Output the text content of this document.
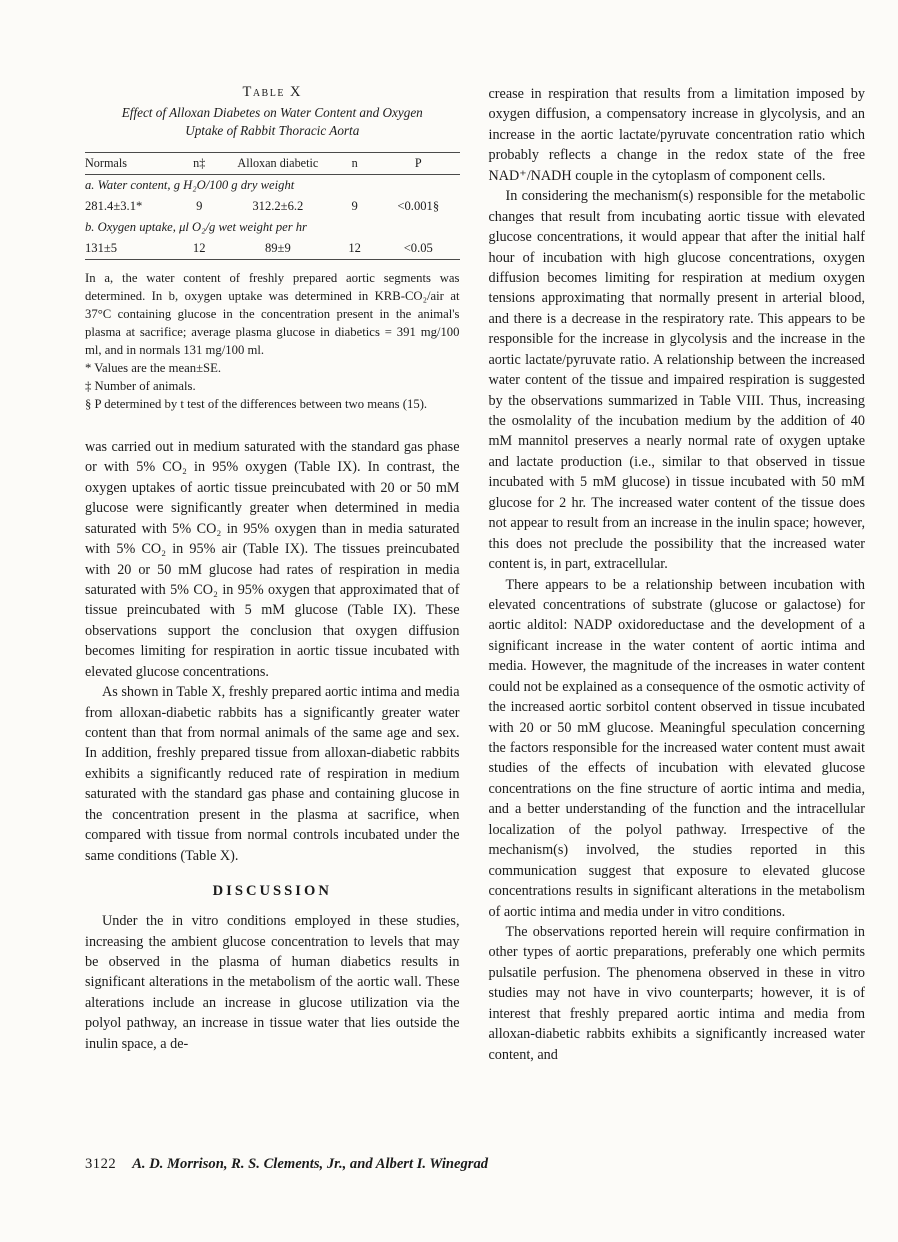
Table X
Effect of Alloxan Diabetes on Water Content and Oxygen Uptake of Rabbit Thoracic Aorta
Normals	n‡	Alloxan diabetic	n	P
a. Water content, g H₂O/100 g dry weight				
281.4±3.1*	9	312.2±6.2	9	<0.001§
b. Oxygen uptake, μl O₂/g wet weight per hr				
131±5	12	89±9	12	<0.05

In a, the water content of freshly prepared aortic segments was determined. In b, oxygen uptake was determined in KRB-CO₂/air at 37°C containing glucose in the concentration present in the animal's plasma at sacrifice; average plasma glucose in diabetics = 391 mg/100 ml, and in normals 131 mg/100 ml.

* Values are the mean±SE.

‡ Number of animals.

§ P determined by t test of the differences between two means (15).

was carried out in medium saturated with the standard gas phase or with 5% CO₂ in 95% oxygen (Table IX). In contrast, the oxygen uptakes of aortic tissue preincubated with 20 or 50 mM glucose were significantly greater when determined in media saturated with 5% CO₂ in 95% oxygen than in media saturated with 5% CO₂ in 95% air (Table IX). The tissues preincubated with 20 or 50 mM glucose had rates of respiration in media saturated with 5% CO₂ in 95% oxygen that approximated that of tissue preincubated with 5 mM glucose (Table IX). These observations support the conclusion that oxygen diffusion becomes limiting for respiration in aortic tissue incubated with elevated glucose concentrations.

As shown in Table X, freshly prepared aortic intima and media from alloxan-diabetic rabbits has a significantly greater water content than that from normal animals of the same age and sex. In addition, freshly prepared tissue from alloxan-diabetic rabbits exhibits a significantly reduced rate of respiration in medium saturated with the standard gas phase and containing glucose in the concentration present in the plasma at sacrifice, when compared with tissue from normal controls incubated under the same conditions (Table X).

DISCUSSION

Under the in vitro conditions employed in these studies, increasing the ambient glucose concentration to levels that may be observed in the plasma of human diabetics results in significant alterations in the metabolism of the aortic wall. These alterations include an increase in glucose utilization via the polyol pathway, an increase in tissue water that lies outside the inulin space, a de-

crease in respiration that results from a limitation imposed by oxygen diffusion, a compensatory increase in glycolysis, and an increase in the aortic lactate/pyruvate concentration ratio which probably reflects a change in the redox state of the free NAD⁺/NADH couple in the cytoplasm of component cells.

In considering the mechanism(s) responsible for the metabolic changes that result from incubating aortic tissue with elevated glucose concentrations, it would appear that after the initial half hour of incubation with high glucose concentrations, oxygen diffusion becomes limiting for respiration at medium oxygen tensions approximating that normally present in arterial blood, and there is a decrease in the respiratory rate. This appears to be responsible for the increase in glycolysis and the increase in the aortic lactate/pyruvate ratio. A relationship between the increased water content of the tissue and impaired respiration is suggested by the observations summarized in Table VIII. Thus, increasing the osmolality of the incubation medium by the addition of 40 mM mannitol preserves a nearly normal rate of oxygen uptake and lactate production (i.e., similar to that observed in tissue incubated with 5 mM glucose) in tissue incubated with 50 mM glucose for 2 hr. The increased water content of the tissue does not appear to result from an increase in the inulin space; however, this does not preclude the possibility that the increased water content is, in part, extracellular.

There appears to be a relationship between incubation with elevated concentrations of substrate (glucose or galactose) for aortic alditol: NADP oxidoreductase and the development of a significant increase in the water content of aortic intima and media. However, the magnitude of the increases in water content could not be explained as a consequence of the osmotic activity of the increased aortic sorbitol content observed in tissue incubated with 20 or 50 mM glucose. Meaningful speculation concerning the factors responsible for the increased water content must await studies of the effects of incubation with elevated glucose concentrations on the fine structure of aortic intima and media, and a better understanding of the function and the intracellular localization of the polyol pathway. Irrespective of the mechanism(s) involved, the studies reported in this communication suggest that exposure to elevated glucose concentrations results in significant alterations in the metabolism of aortic intima and media under in vitro conditions.

The observations reported herein will require confirmation in other types of aortic preparations, preferably one which permits pulsatile perfusion. The phenomena observed in these in vitro studies may not have in vivo counterparts; however, it is of interest that freshly prepared aortic intima and media from alloxan-diabetic rabbits exhibits a significantly increased water content, and

3122 A. D. Morrison, R. S. Clements, Jr., and Albert I. Winegrad
